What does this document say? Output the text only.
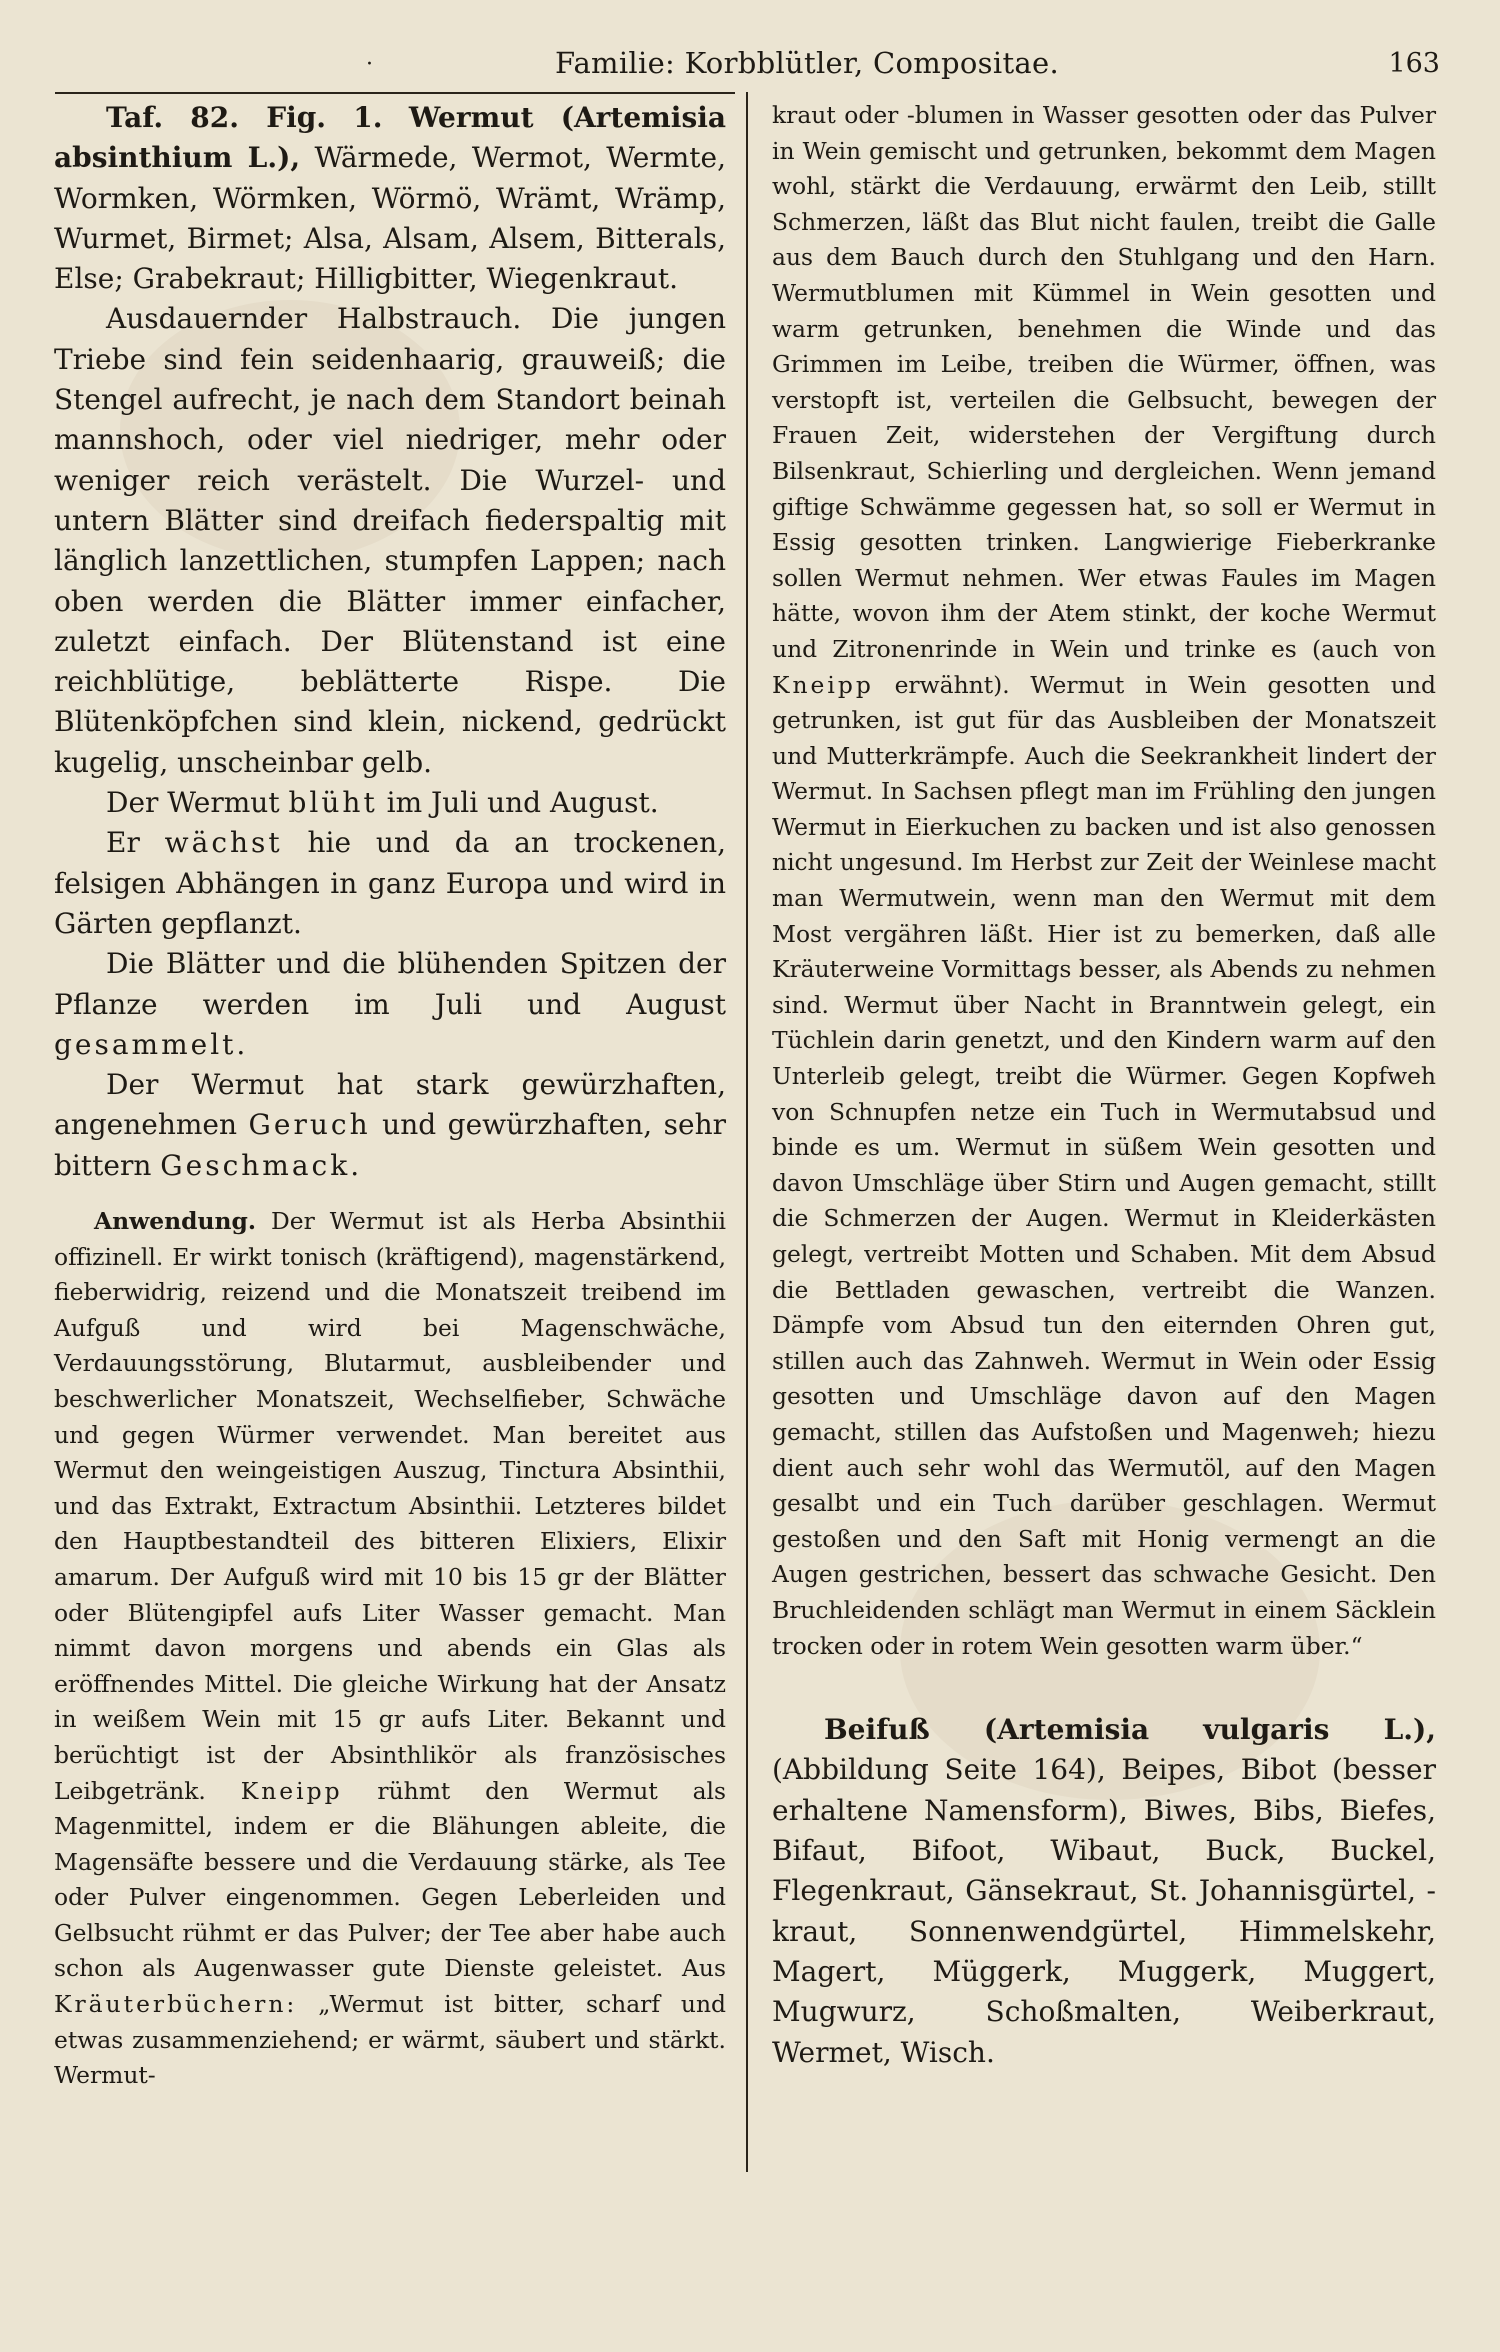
·	Familie: Korbblütler, Compositae.	163

Taf. 82. Fig. 1. Wermut (Artemisia absinthium L.), Wärmede, Wermot, Wermte, Wormken, Wörmken, Wörmö, Wrämt, Wrämp, Wurmet, Birmet; Alsa, Alsam, Alsem, Bitterals, Else; Grabekraut; Hilligbitter, Wiegenkraut.

Ausdauernder Halbstrauch. Die jungen Triebe sind fein seidenhaarig, grauweiß; die Stengel aufrecht, je nach dem Standort beinah mannshoch, oder viel niedriger, mehr oder weniger reich verästelt. Die Wurzel- und untern Blätter sind dreifach fiederspaltig mit länglich lanzettlichen, stumpfen Lappen; nach oben werden die Blätter immer einfacher, zuletzt einfach. Der Blütenstand ist eine reichblütige, beblätterte Rispe. Die Blütenköpfchen sind klein, nickend, gedrückt kugelig, unscheinbar gelb.

Der Wermut blüht im Juli und August.

Er wächst hie und da an trockenen, felsigen Abhängen in ganz Europa und wird in Gärten gepflanzt.

Die Blätter und die blühenden Spitzen der Pflanze werden im Juli und August gesammelt.

Der Wermut hat stark gewürzhaften, angenehmen Geruch und gewürzhaften, sehr bittern Geschmack.

Anwendung. Der Wermut ist als Herba Absinthii offizinell. Er wirkt tonisch (kräftigend), magenstärkend, fieberwidrig, reizend und die Monatszeit treibend im Aufguß und wird bei Magenschwäche, Verdauungsstörung, Blutarmut, ausbleibender und beschwerlicher Monatszeit, Wechselfieber, Schwäche und gegen Würmer verwendet. Man bereitet aus Wermut den weingeistigen Auszug, Tinctura Absinthii, und das Extrakt, Extractum Absinthii. Letzteres bildet den Hauptbestandteil des bitteren Elixiers, Elixir amarum. Der Aufguß wird mit 10 bis 15 gr der Blätter oder Blütengipfel aufs Liter Wasser gemacht. Man nimmt davon morgens und abends ein Glas als eröffnendes Mittel. Die gleiche Wirkung hat der Ansatz in weißem Wein mit 15 gr aufs Liter. Bekannt und berüchtigt ist der Absinthlikör als französisches Leibgetränk. Kneipp rühmt den Wermut als Magenmittel, indem er die Blähungen ableite, die Magensäfte bessere und die Verdauung stärke, als Tee oder Pulver eingenommen. Gegen Leberleiden und Gelbsucht rühmt er das Pulver; der Tee aber habe auch schon als Augenwasser gute Dienste geleistet. Aus Kräuterbüchern: „Wermut ist bitter, scharf und etwas zusammenziehend; er wärmt, säubert und stärkt. Wermut-

kraut oder -blumen in Wasser gesotten oder das Pulver in Wein gemischt und getrunken, bekommt dem Magen wohl, stärkt die Verdauung, erwärmt den Leib, stillt Schmerzen, läßt das Blut nicht faulen, treibt die Galle aus dem Bauch durch den Stuhlgang und den Harn. Wermutblumen mit Kümmel in Wein gesotten und warm getrunken, benehmen die Winde und das Grimmen im Leibe, treiben die Würmer, öffnen, was verstopft ist, verteilen die Gelbsucht, bewegen der Frauen Zeit, widerstehen der Vergiftung durch Bilsenkraut, Schierling und dergleichen. Wenn jemand giftige Schwämme gegessen hat, so soll er Wermut in Essig gesotten trinken. Langwierige Fieberkranke sollen Wermut nehmen. Wer etwas Faules im Magen hätte, wovon ihm der Atem stinkt, der koche Wermut und Zitronenrinde in Wein und trinke es (auch von Kneipp erwähnt). Wermut in Wein gesotten und getrunken, ist gut für das Ausbleiben der Monatszeit und Mutterkrämpfe. Auch die Seekrankheit lindert der Wermut. In Sachsen pflegt man im Frühling den jungen Wermut in Eierkuchen zu backen und ist also genossen nicht ungesund. Im Herbst zur Zeit der Weinlese macht man Wermutwein, wenn man den Wermut mit dem Most vergähren läßt. Hier ist zu bemerken, daß alle Kräuterweine Vormittags besser, als Abends zu nehmen sind. Wermut über Nacht in Branntwein gelegt, ein Tüchlein darin genetzt, und den Kindern warm auf den Unterleib gelegt, treibt die Würmer. Gegen Kopfweh von Schnupfen netze ein Tuch in Wermutabsud und binde es um. Wermut in süßem Wein gesotten und davon Umschläge über Stirn und Augen gemacht, stillt die Schmerzen der Augen. Wermut in Kleiderkästen gelegt, vertreibt Motten und Schaben. Mit dem Absud die Bettladen gewaschen, vertreibt die Wanzen. Dämpfe vom Absud tun den eiternden Ohren gut, stillen auch das Zahnweh. Wermut in Wein oder Essig gesotten und Umschläge davon auf den Magen gemacht, stillen das Aufstoßen und Magenweh; hiezu dient auch sehr wohl das Wermutöl, auf den Magen gesalbt und ein Tuch darüber geschlagen. Wermut gestoßen und den Saft mit Honig vermengt an die Augen gestrichen, bessert das schwache Gesicht. Den Bruchleidenden schlägt man Wermut in einem Säcklein trocken oder in rotem Wein gesotten warm über.“

Beifuß (Artemisia vulgaris L.), (Abbildung Seite 164), Beipes, Bibot (besser erhaltene Namensform), Biwes, Bibs, Biefes, Bifaut, Bifoot, Wibaut, Buck, Buckel, Flegenkraut, Gänsekraut, St. Johannisgürtel, -kraut, Sonnenwendgürtel, Himmelskehr, Magert, Müggerk, Muggerk, Muggert, Mugwurz, Schoßmalten, Weiberkraut, Wermet, Wisch.
